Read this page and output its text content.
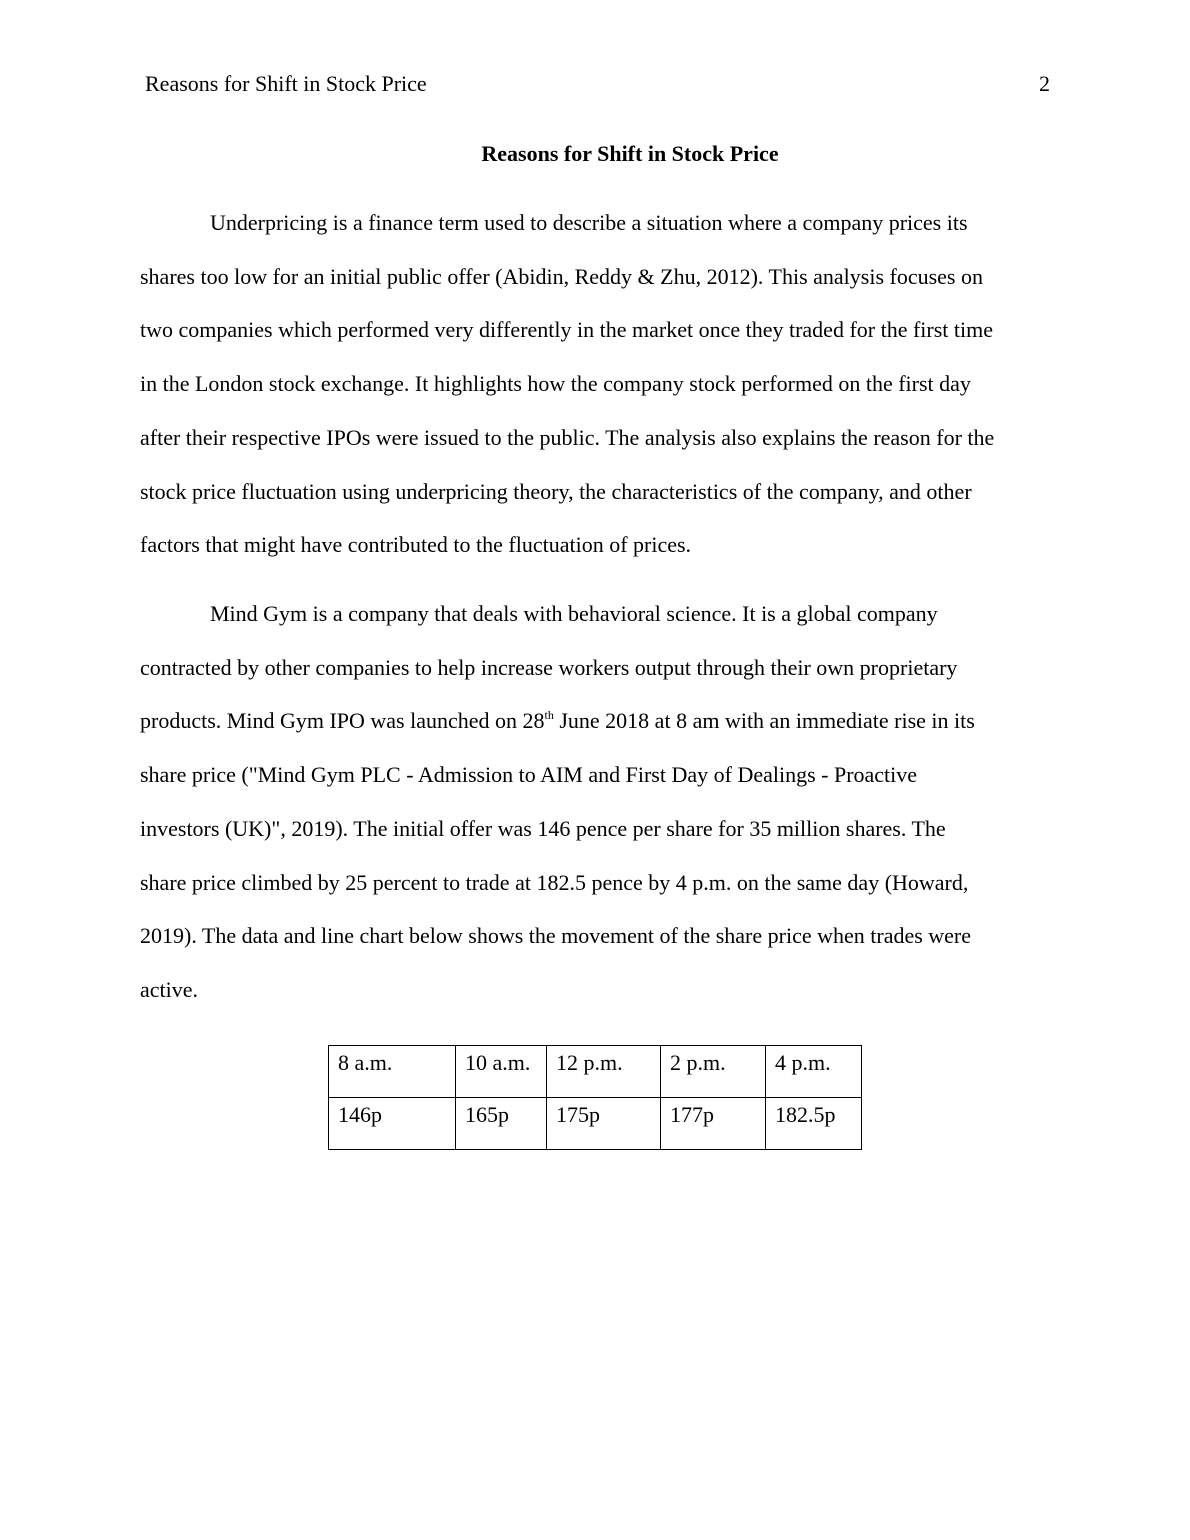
Reasons for Shift in Stock Price	2
Reasons for Shift in Stock Price

Underpricing is a finance term used to describe a situation where a company prices its
shares too low for an initial public offer (Abidin, Reddy & Zhu, 2012). This analysis focuses on
two companies which performed very differently in the market once they traded for the first time
in the London stock exchange. It highlights how the company stock performed on the first day
after their respective IPOs were issued to the public. The analysis also explains the reason for the
stock price fluctuation using underpricing theory, the characteristics of the company, and other
factors that might have contributed to the fluctuation of prices.

Mind Gym is a company that deals with behavioral science. It is a global company
contracted by other companies to help increase workers output through their own proprietary
products. Mind Gym IPO was launched on 28th June 2018 at 8 am with an immediate rise in its
share price ("Mind Gym PLC - Admission to AIM and First Day of Dealings - Proactive
investors (UK)", 2019). The initial offer was 146 pence per share for 35 million shares. The
share price climbed by 25 percent to trade at 182.5 pence by 4 p.m. on the same day (Howard,
2019). The data and line chart below shows the movement of the share price when trades were
active.

8 a.m.	10 a.m.	12 p.m.	2 p.m.	4 p.m.
146p	165p	175p	177p	182.5p
